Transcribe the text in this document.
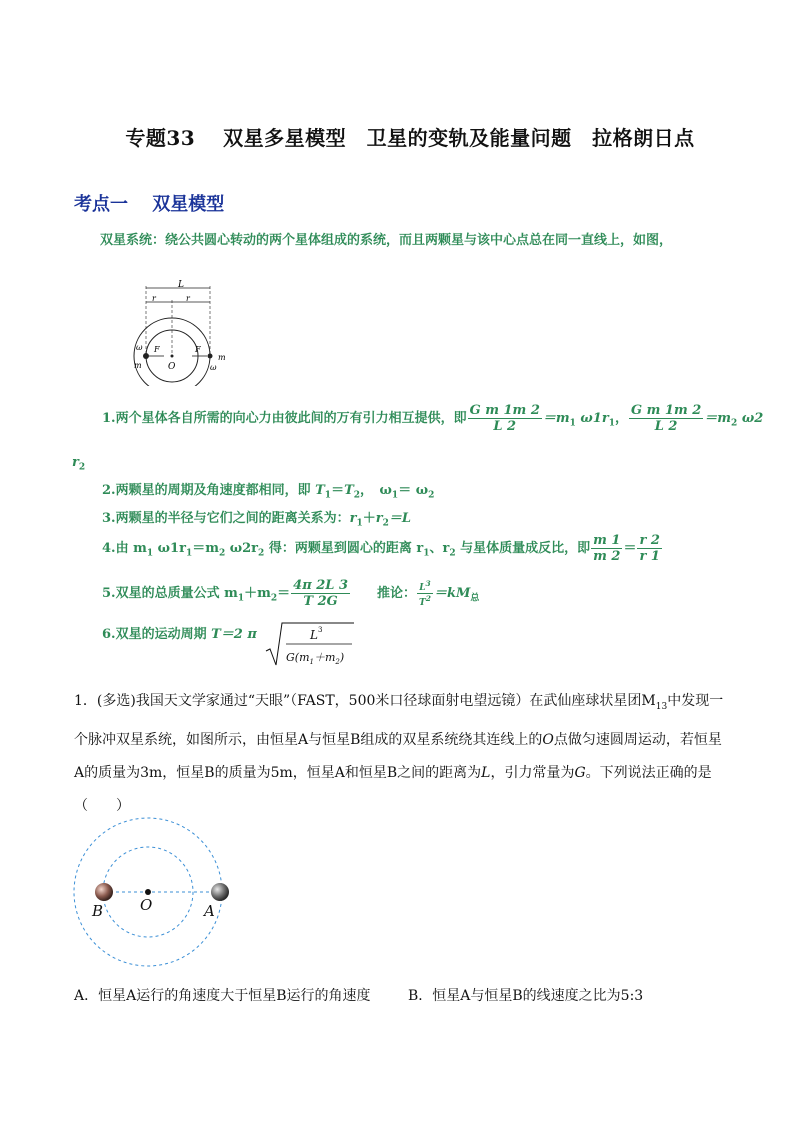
专题33　 双星多星模型　卫星的变轨及能量问题　拉格朗日点
考点一　 双星模型
双星系统：绕公共圆心转动的两个星体组成的系统，而且两颗星与该中心点总在同一直线上，如图，
L
r	r
O
F	F
m
m
ω
ω
1.两个星体各自所需的向心力由彼此间的万有引力相互提供，即 $\frac{\text{G m 1m 2}}{L 2} =m_1$ $\omega 1r_1$， $\frac{\text{G m 1m 2}}{L 2} =m_2$ ω2
$r_2$
2.两颗星的周期及角速度都相同，即 $T_1=T_2$，　$\omega_1= \omega_2$
3.两颗星的半径与它们之间的距离关系为：$r_1+r_2=L$
4.由 $m_1$ $\omega 1r_1=m_2$ $\omega 2r_2$ 得：两颗星到圆心的距离 $r_1$、$r_2$ 与星体质量成反比，即 $\frac{m 1}{m 2} = \frac{r 2}{r 1}$
5.双星的总质量公式 $m_1+m_2= \frac{4\pi 2L 3}{T 2G}$ 推论： $\frac{L^3}{T^2} =kM_总$
6.双星的运动周期 T＝2 π	L 3
$G(m_1+m_2)$
1．(多选)我国天文学家通过“天眼”（FAST，500米口径球面射电望远镜）在武仙座球状星团$M_{13}$中发现一个脉冲双星系统，如图所示，由恒星A与恒星B组成的双星系统绕其连线上的O点做匀速圆周运动，若恒星A的质量为3m，恒星B的质量为5m，恒星A和恒星B之间的距离为L，引力常量为G。下列说法正确的是（　　）
B O	A
A．恒星A运行的角速度大于恒星B运行的角速度	B．恒星A与恒星B的线速度之比为5:3
